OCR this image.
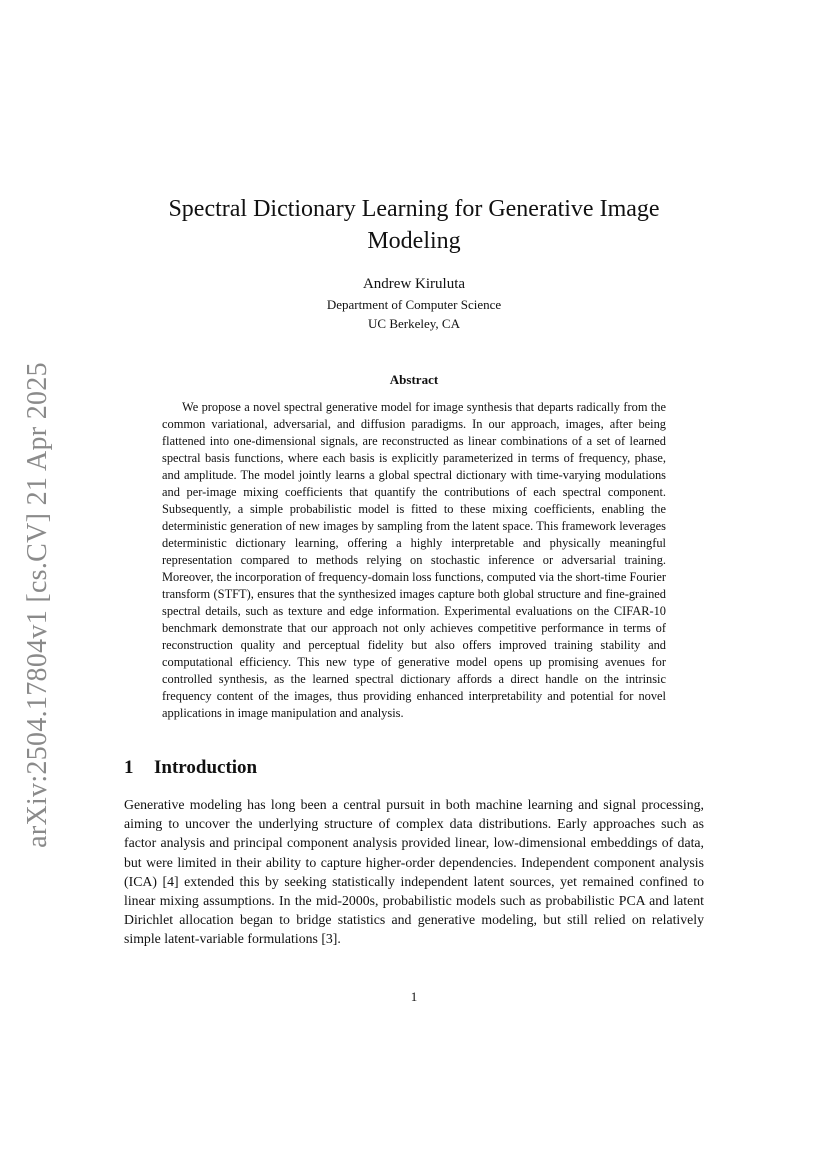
arXiv:2504.17804v1 [cs.CV] 21 Apr 2025
Spectral Dictionary Learning for Generative Image Modeling
Andrew Kiruluta
Department of Computer Science
UC Berkeley, CA
Abstract

We propose a novel spectral generative model for image synthesis that departs radically from the common variational, adversarial, and diffusion paradigms. In our approach, images, after being flattened into one-dimensional signals, are reconstructed as linear combinations of a set of learned spectral basis functions, where each basis is explicitly parameterized in terms of frequency, phase, and amplitude. The model jointly learns a global spectral dictionary with time-varying modulations and per-image mixing coefficients that quantify the contributions of each spectral component. Subsequently, a simple probabilistic model is fitted to these mixing coefficients, enabling the deterministic generation of new images by sampling from the latent space. This framework leverages deterministic dictionary learning, offering a highly interpretable and physically meaningful representation compared to methods relying on stochastic inference or adversarial training. Moreover, the incorporation of frequency-domain loss functions, computed via the short-time Fourier transform (STFT), ensures that the synthesized images capture both global structure and fine-grained spectral details, such as texture and edge information. Experimental evaluations on the CIFAR-10 benchmark demonstrate that our approach not only achieves competitive performance in terms of reconstruction quality and perceptual fidelity but also offers improved training stability and computational efficiency. This new type of generative model opens up promising avenues for controlled synthesis, as the learned spectral dictionary affords a direct handle on the intrinsic frequency content of the images, thus providing enhanced interpretability and potential for novel applications in image manipulation and analysis.

1 Introduction

Generative modeling has long been a central pursuit in both machine learning and signal processing, aiming to uncover the underlying structure of complex data distributions. Early approaches such as factor analysis and principal component analysis provided linear, low-dimensional embeddings of data, but were limited in their ability to capture higher-order dependencies. Independent component analysis (ICA) [4] extended this by seeking statistically independent latent sources, yet remained confined to linear mixing assumptions. In the mid-2000s, probabilistic models such as probabilistic PCA and latent Dirichlet allocation began to bridge statistics and generative modeling, but still relied on relatively simple latent-variable formulations [3].

1
